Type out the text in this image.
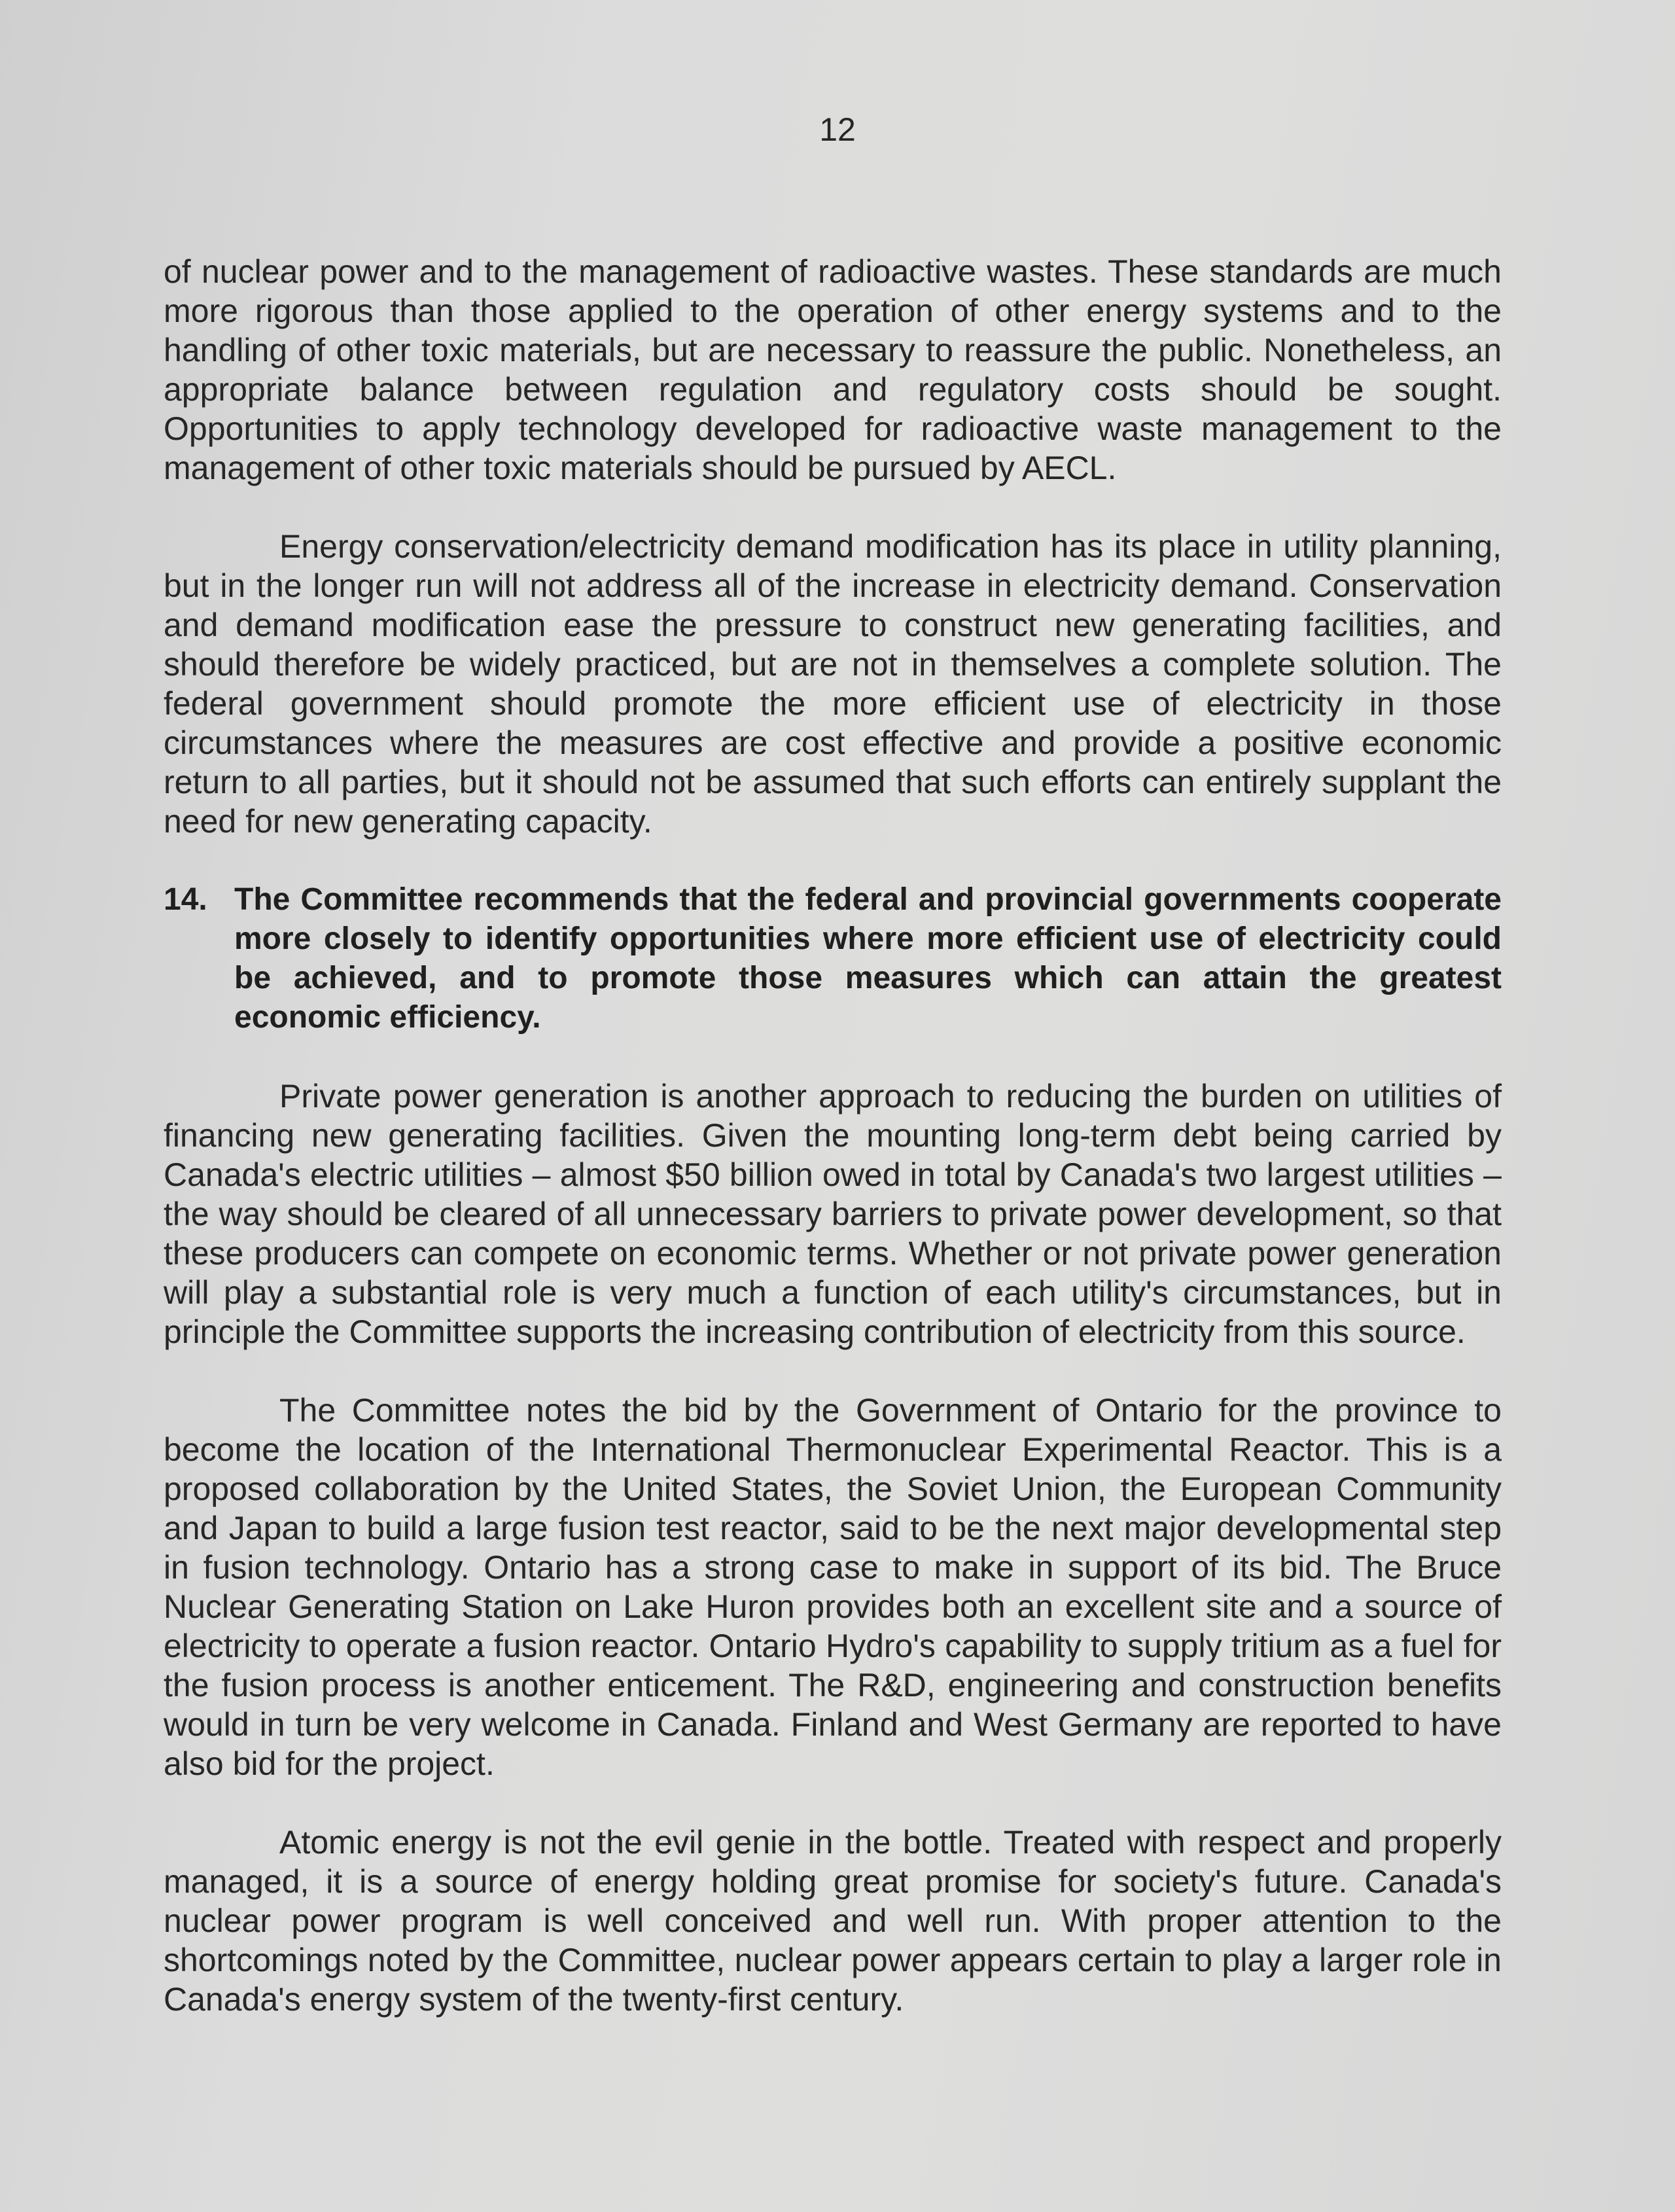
12

of nuclear power and to the management of radioactive wastes. These standards are much more rigorous than those applied to the operation of other energy systems and to the handling of other toxic materials, but are necessary to reassure the public. Nonetheless, an appropriate balance between regulation and regulatory costs should be sought. Opportunities to apply technology developed for radioactive waste management to the management of other toxic materials should be pursued by AECL.

Energy conservation/electricity demand modification has its place in utility planning, but in the longer run will not address all of the increase in electricity demand. Conservation and demand modification ease the pressure to construct new generating facilities, and should therefore be widely practiced, but are not in themselves a complete solution. The federal government should promote the more efficient use of electricity in those circumstances where the measures are cost effective and provide a positive economic return to all parties, but it should not be assumed that such efforts can entirely supplant the need for new generating capacity.

14. The Committee recommends that the federal and provincial governments cooperate more closely to identify opportunities where more efficient use of electricity could be achieved, and to promote those measures which can attain the greatest economic efficiency.

Private power generation is another approach to reducing the burden on utilities of financing new generating facilities. Given the mounting long-term debt being carried by Canada's electric utilities – almost $50 billion owed in total by Canada's two largest utilities – the way should be cleared of all unnecessary barriers to private power development, so that these producers can compete on economic terms. Whether or not private power generation will play a substantial role is very much a function of each utility's circumstances, but in principle the Committee supports the increasing contribution of electricity from this source.

The Committee notes the bid by the Government of Ontario for the province to become the location of the International Thermonuclear Experimental Reactor. This is a proposed collaboration by the United States, the Soviet Union, the European Community and Japan to build a large fusion test reactor, said to be the next major developmental step in fusion technology. Ontario has a strong case to make in support of its bid. The Bruce Nuclear Generating Station on Lake Huron provides both an excellent site and a source of electricity to operate a fusion reactor. Ontario Hydro's capability to supply tritium as a fuel for the fusion process is another enticement. The R&D, engineering and construction benefits would in turn be very welcome in Canada. Finland and West Germany are reported to have also bid for the project.

Atomic energy is not the evil genie in the bottle. Treated with respect and properly managed, it is a source of energy holding great promise for society's future. Canada's nuclear power program is well conceived and well run. With proper attention to the shortcomings noted by the Committee, nuclear power appears certain to play a larger role in Canada's energy system of the twenty-first century.
